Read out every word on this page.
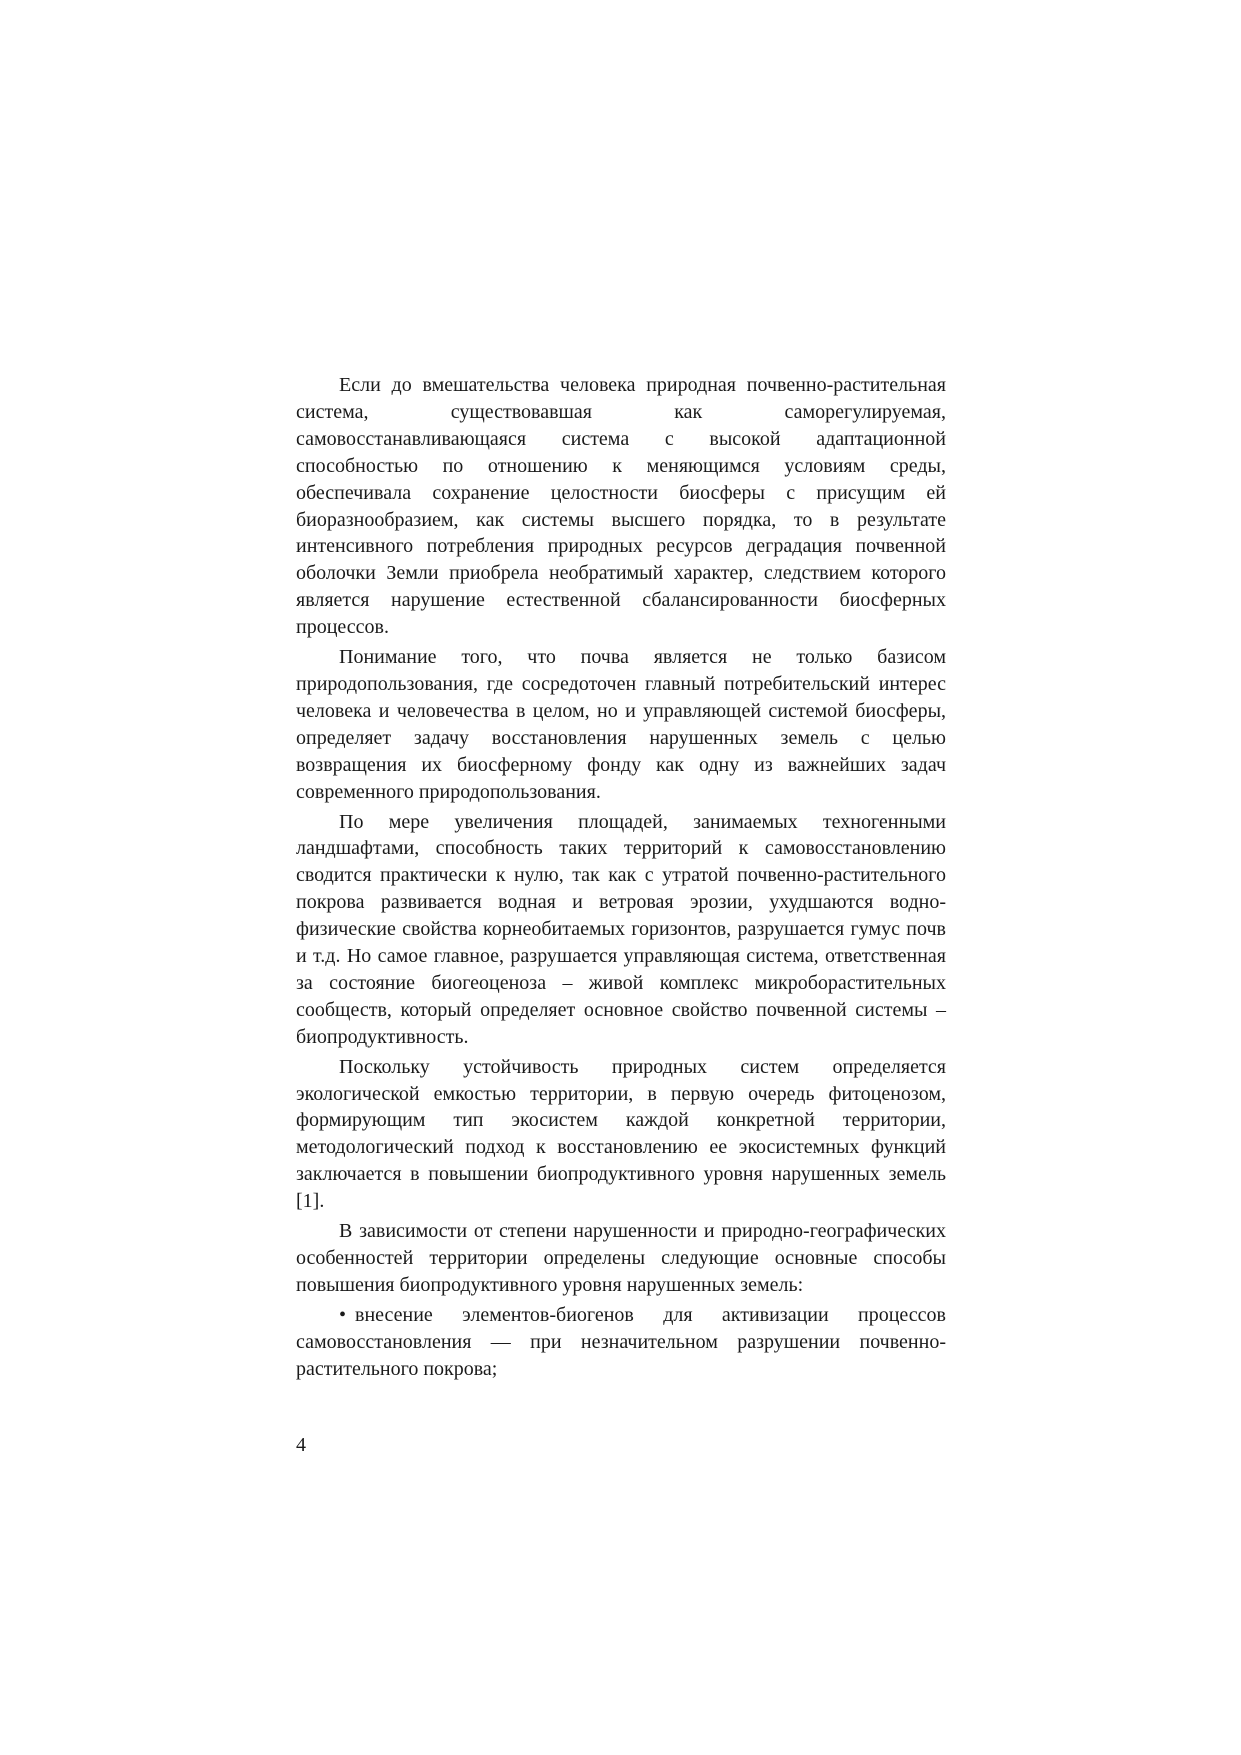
Если до вмешательства человека природная почвенно-растительная система, существовавшая как саморегулируемая, самовосстанавливающаяся система с высокой адаптационной способностью по отношению к меняющимся условиям среды, обеспечивала сохранение целостности биосферы с присущим ей биоразнообразием, как системы высшего порядка, то в результате интенсивного потребления природных ресурсов деградация почвенной оболочки Земли приобрела необратимый характер, следствием которого является нарушение естественной сбалансированности биосферных процессов.

Понимание того, что почва является не только базисом природопользования, где сосредоточен главный потребительский интерес человека и человечества в целом, но и управляющей системой биосферы, определяет задачу восстановления нарушенных земель с целью возвращения их биосферному фонду как одну из важнейших задач современного природопользования.

По мере увеличения площадей, занимаемых техногенными ландшафтами, способность таких территорий к самовосстановлению сводится практически к нулю, так как с утратой почвенно-растительного покрова развивается водная и ветровая эрозии, ухудшаются водно-физические свойства корнеобитаемых горизонтов, разрушается гумус почв и т.д. Но самое главное, разрушается управляющая система, ответственная за состояние биогеоценоза – живой комплекс микроборастительных сообществ, который определяет основное свойство почвенной системы – биопродуктивность.

Поскольку устойчивость природных систем определяется экологической емкостью территории, в первую очередь фитоценозом, формирующим тип экосистем каждой конкретной территории, методологический подход к восстановлению ее экосистемных функций заключается в повышении биопродуктивного уровня нарушенных земель [1].

В зависимости от степени нарушенности и природно-географических особенностей территории определены следующие основные способы повышения биопродуктивного уровня нарушенных земель:

• внесение элементов-биогенов для активизации процессов самовосстановления — при незначительном разрушении почвенно-растительного покрова;

4
